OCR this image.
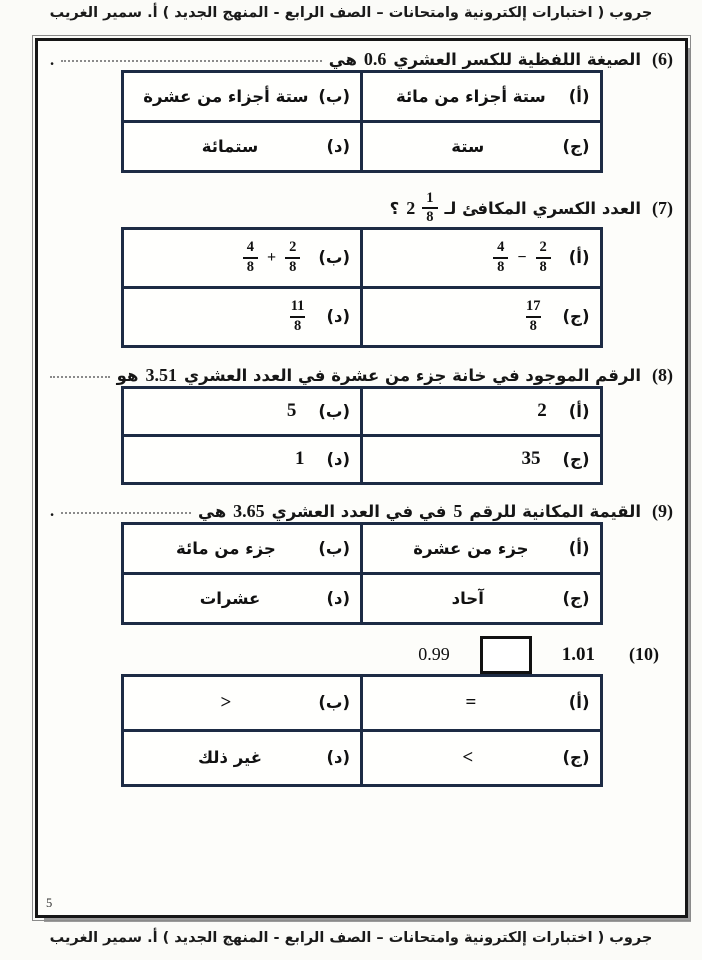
جروب ( اختبارات إلكترونية وامتحانات – الصف الرابع - المنهج الجديد ) أ. سمير الغريب
(6)
الصيغة اللفظية للكسر العشري
0.6
هي
.
(أ)
ستة أجزاء من مائة	(ب)
ستة أجزاء من عشرة

(ج)
ستة	(د)
ستمائة
(7)
العدد الكسري المكافئ لـ
$\frac{1}{8}$
2
؟
(أ)
$\frac{4}{8} - \frac{2}{8}$

(ب)
$\frac{4}{8} + \frac{2}{8}$

(ج)
$\frac{17}{8}$	(د)
$\frac{11}{8}$
(8)
الرقم الموجود في خانة جزء من عشرة في العدد العشري
3.51
هو
(أ)
2	(ب)
5

(ج)
35	(د)
1
(9)
القيمة المكانية للرقم
5
في في العدد العشري
3.65
هي
.
(أ)
جزء من عشرة	(ب)
جزء من مائة

(ج)
آحاد	(د)
عشرات
(10)
1.01
0.99
(أ)
=	(ب)
>

(ج)
<	(د)
غير ذلك
5
جروب ( اختبارات إلكترونية وامتحانات – الصف الرابع - المنهج الجديد ) أ. سمير الغريب
